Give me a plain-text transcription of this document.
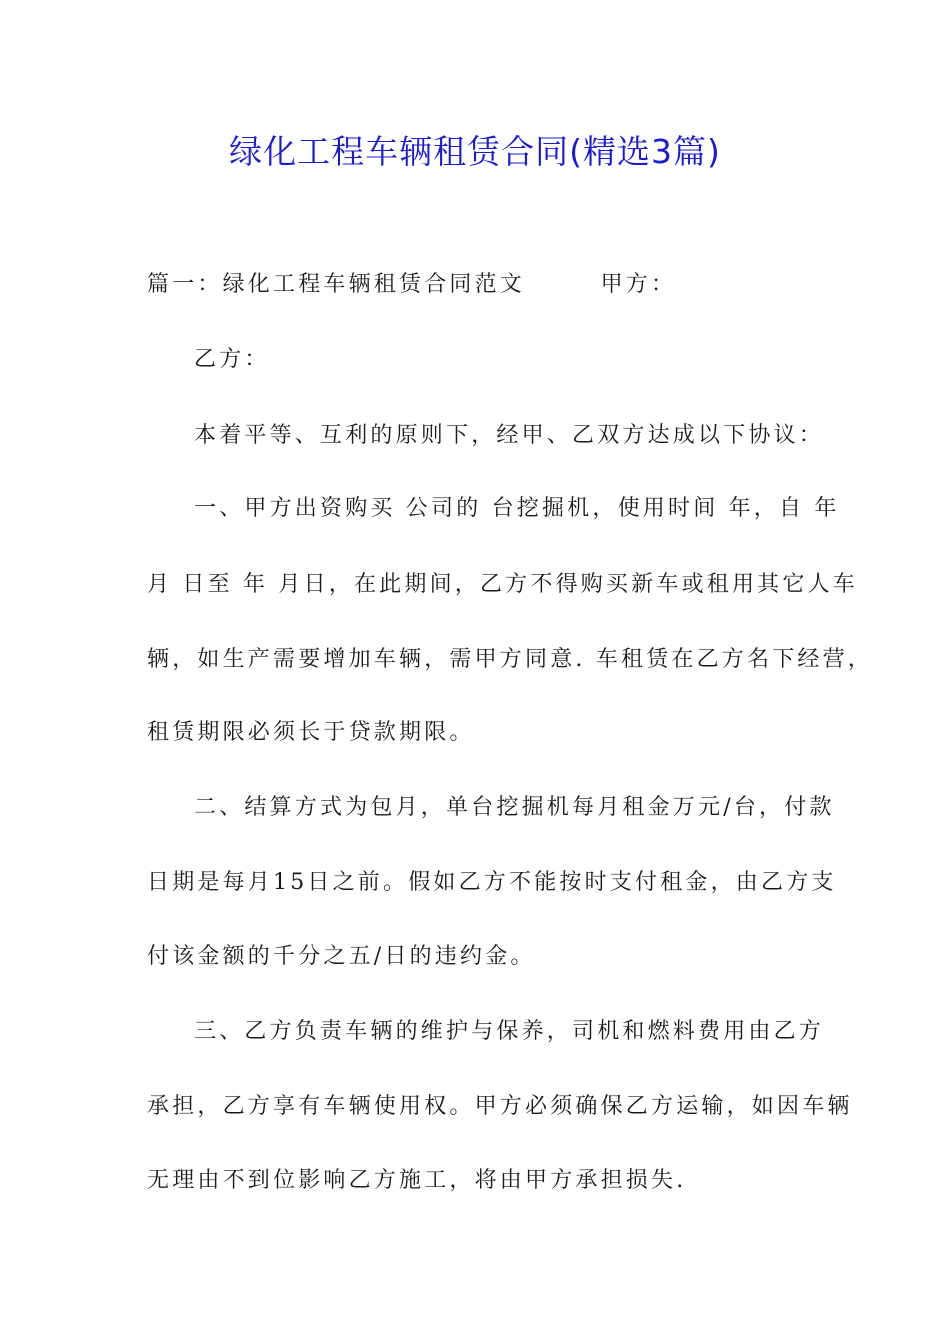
绿化工程车辆租赁合同(精选3篇)
篇一：绿化工程车辆租赁合同范文　　　甲方：
乙方：
本着平等、互利的原则下，经甲、乙双方达成以下协议：
一、甲方出资购买 公司的 台挖掘机，使用时间 年，自 年
月 日至 年 月日，在此期间，乙方不得购买新车或租用其它人车
辆，如生产需要增加车辆，需甲方同意. 车租赁在乙方名下经营，
租赁期限必须长于贷款期限。
二、结算方式为包月，单台挖掘机每月租金万元/台，付款
日期是每月15日之前。假如乙方不能按时支付租金，由乙方支
付该金额的千分之五/日的违约金。
三、乙方负责车辆的维护与保养，司机和燃料费用由乙方
承担，乙方享有车辆使用权。甲方必须确保乙方运输，如因车辆
无理由不到位影响乙方施工，将由甲方承担损失.
